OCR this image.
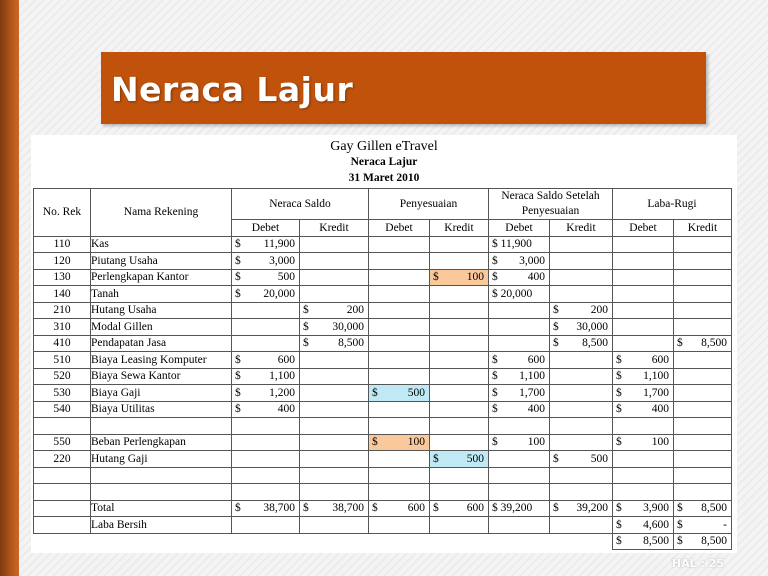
Neraca Lajur
Gay Gillen eTravel
Neraca Lajur
31 Maret 2010
No. Rek	Nama Rekening	Neraca Saldo		Penyesuaian		Neraca Saldo Setelah Penyesuaian		Laba-Rugi	
		Debet	Kredit	Debet	Kredit	Debet	Kredit	Debet	Kredit
110	Kas	$ 11,900				$ 11,900			

120	Piutang Usaha	$ 3,000				$ 3,000			

130	Perlengkapan Kantor	$ 500			$ 100	$ 400			

140	Tanah	$ 20,000				$ 20,000			

210	Hutang Usaha		$ 200				$ 200		

310	Modal Gillen		$ 30,000				$ 30,000		

410	Pendapatan Jasa		$ 8,500				$ 8,500		$ 8,500

510	Biaya Leasing Komputer	$ 600				$ 600		$ 600	

520	Biaya Sewa Kantor	$ 1,100				$ 1,100		$ 1,100	

530	Biaya Gaji	$ 1,200		$ 500		$ 1,700		$ 1,700	

540	Biaya Utilitas	$ 400				$ 400		$ 400	

550	Beban Perlengkapan			$ 100		$ 100		$ 100	

220	Hutang Gaji				$ 500		$ 500		

	Total	$ 38,700	$ 38,700	$ 600	$ 600	$ 39,200	$ 39,200	$ 3,900	$ 8,500

	Laba Bersih							$ 4,600	$ -

								$ 8,500	$ 8,500
HAL : 25
